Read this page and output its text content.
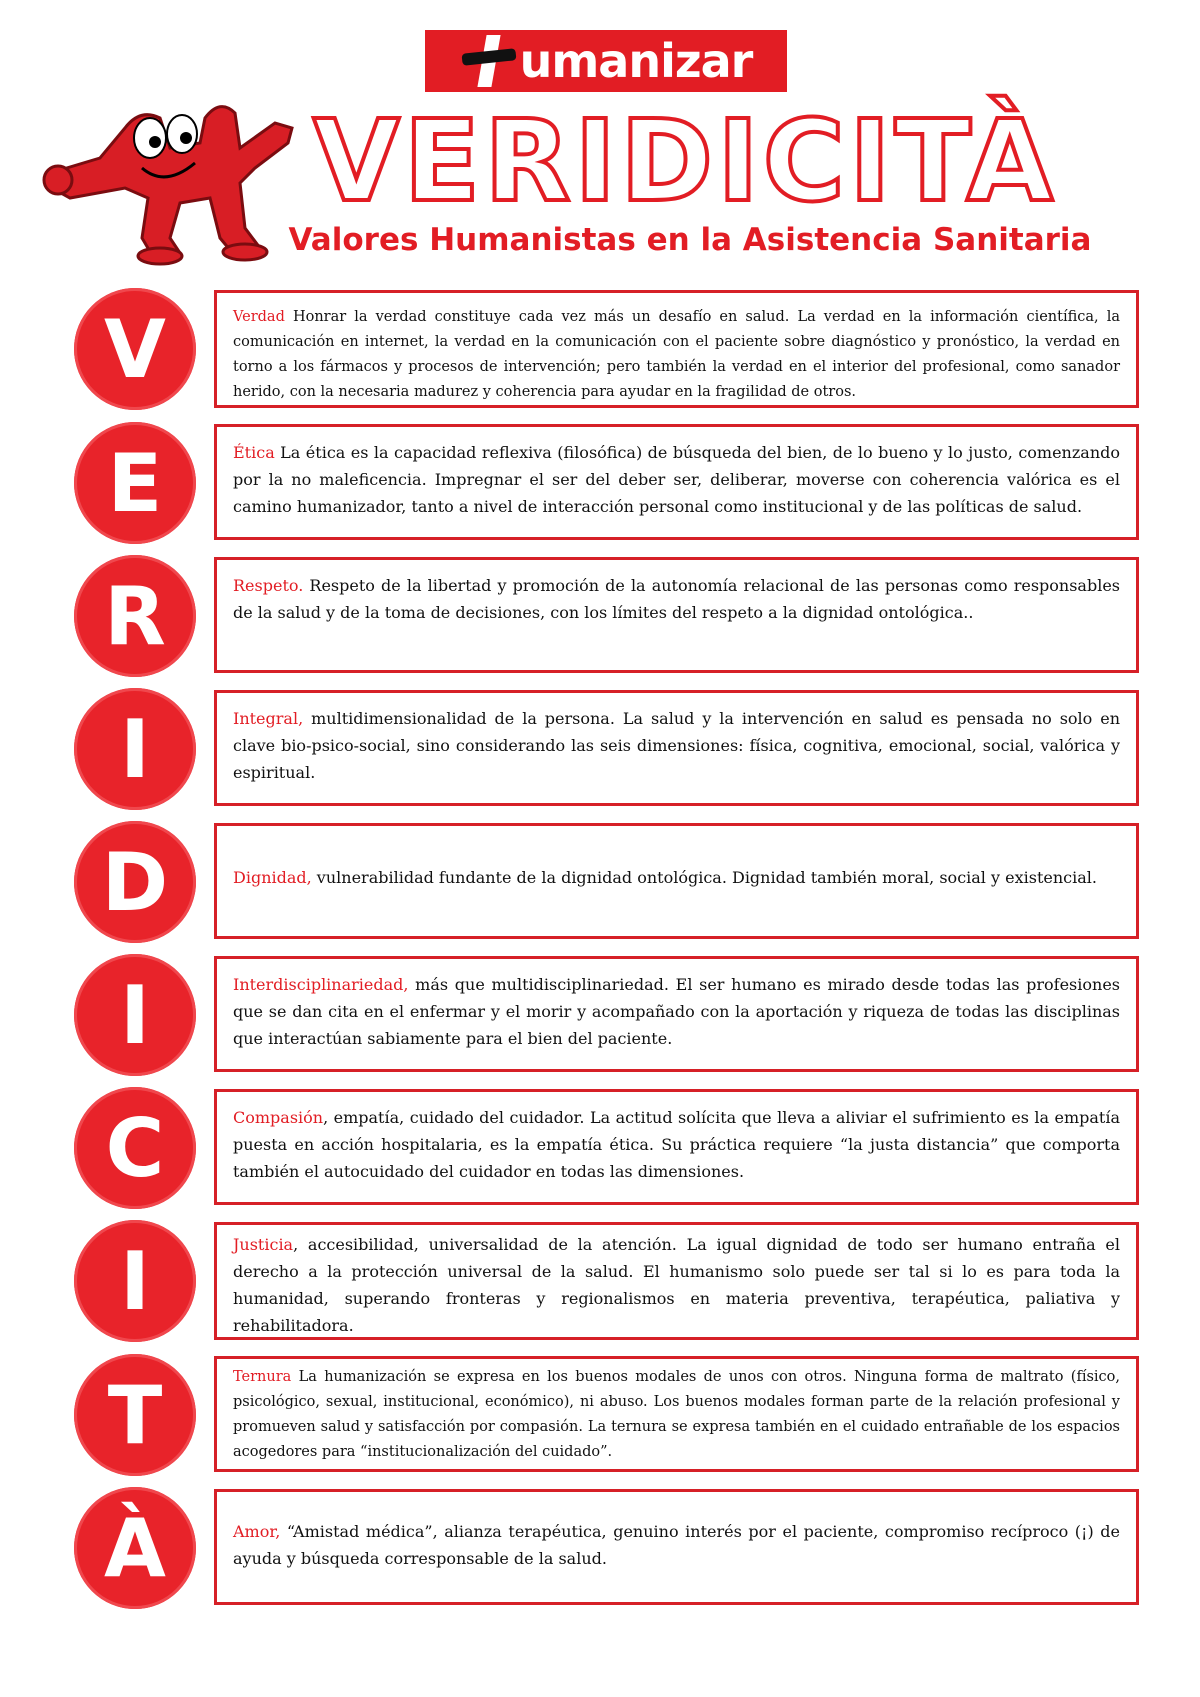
umanizar
VERIDICITÀ
Valores Humanistas en la Asistencia Sanitaria
V	Verdad Honrar la verdad constituye cada vez más un desafío en salud. La verdad en la información científica, la comunicación en internet, la verdad en la comunicación con el paciente sobre diagnóstico y pronóstico, la verdad en torno a los fármacos y procesos de intervención; pero también la verdad en el interior del profesional, como sanador herido, con la necesaria madurez y coherencia para ayudar en la fragilidad de otros.
E	Ética La ética es la capacidad reflexiva (filosófica) de búsqueda del bien, de lo bueno y lo justo, comenzando por la no maleficencia. Impregnar el ser del deber ser, deliberar, moverse con coherencia valórica es el camino humanizador, tanto a nivel de interacción personal como institucional y de las políticas de salud.
R	Respeto. Respeto de la libertad y promoción de la autonomía relacional de las personas como responsables de la salud y de la toma de decisiones, con los límites del respeto a la dignidad ontológica..
I	Integral, multidimensionalidad de la persona. La salud y la intervención en salud es pensada no solo en clave bio-psico-social, sino considerando las seis dimensiones: física, cognitiva, emocional, social, valórica y espiritual.
D	Dignidad, vulnerabilidad fundante de la dignidad ontológica. Dignidad también moral, social y existencial.
I	Interdisciplinariedad, más que multidisciplinariedad. El ser humano es mirado desde todas las profesiones que se dan cita en el enfermar y el morir y acompañado con la aportación y riqueza de todas las disciplinas que interactúan sabiamente para el bien del paciente.
C	Compasión, empatía, cuidado del cuidador. La actitud solícita que lleva a aliviar el sufrimiento es la empatía puesta en acción hospitalaria, es la empatía ética. Su práctica requiere “la justa distancia” que comporta también el autocuidado del cuidador en todas las dimensiones.
I	Justicia, accesibilidad, universalidad de la atención. La igual dignidad de todo ser humano entraña el derecho a la protección universal de la salud. El humanismo solo puede ser tal si lo es para toda la humanidad, superando fronteras y regionalismos en materia preventiva, terapéutica, paliativa y rehabilitadora.
T	Ternura La humanización se expresa en los buenos modales de unos con otros. Ninguna forma de maltrato (físico, psicológico, sexual, institucional, económico), ni abuso. Los buenos modales forman parte de la relación profesional y promueven salud y satisfacción por compasión. La ternura se expresa también en el cuidado entrañable de los espacios acogedores para “institucionalización del cuidado”.
À	Amor, “Amistad médica”, alianza terapéutica, genuino interés por el paciente, compromiso recíproco (¡) de ayuda y búsqueda corresponsable de la salud.
